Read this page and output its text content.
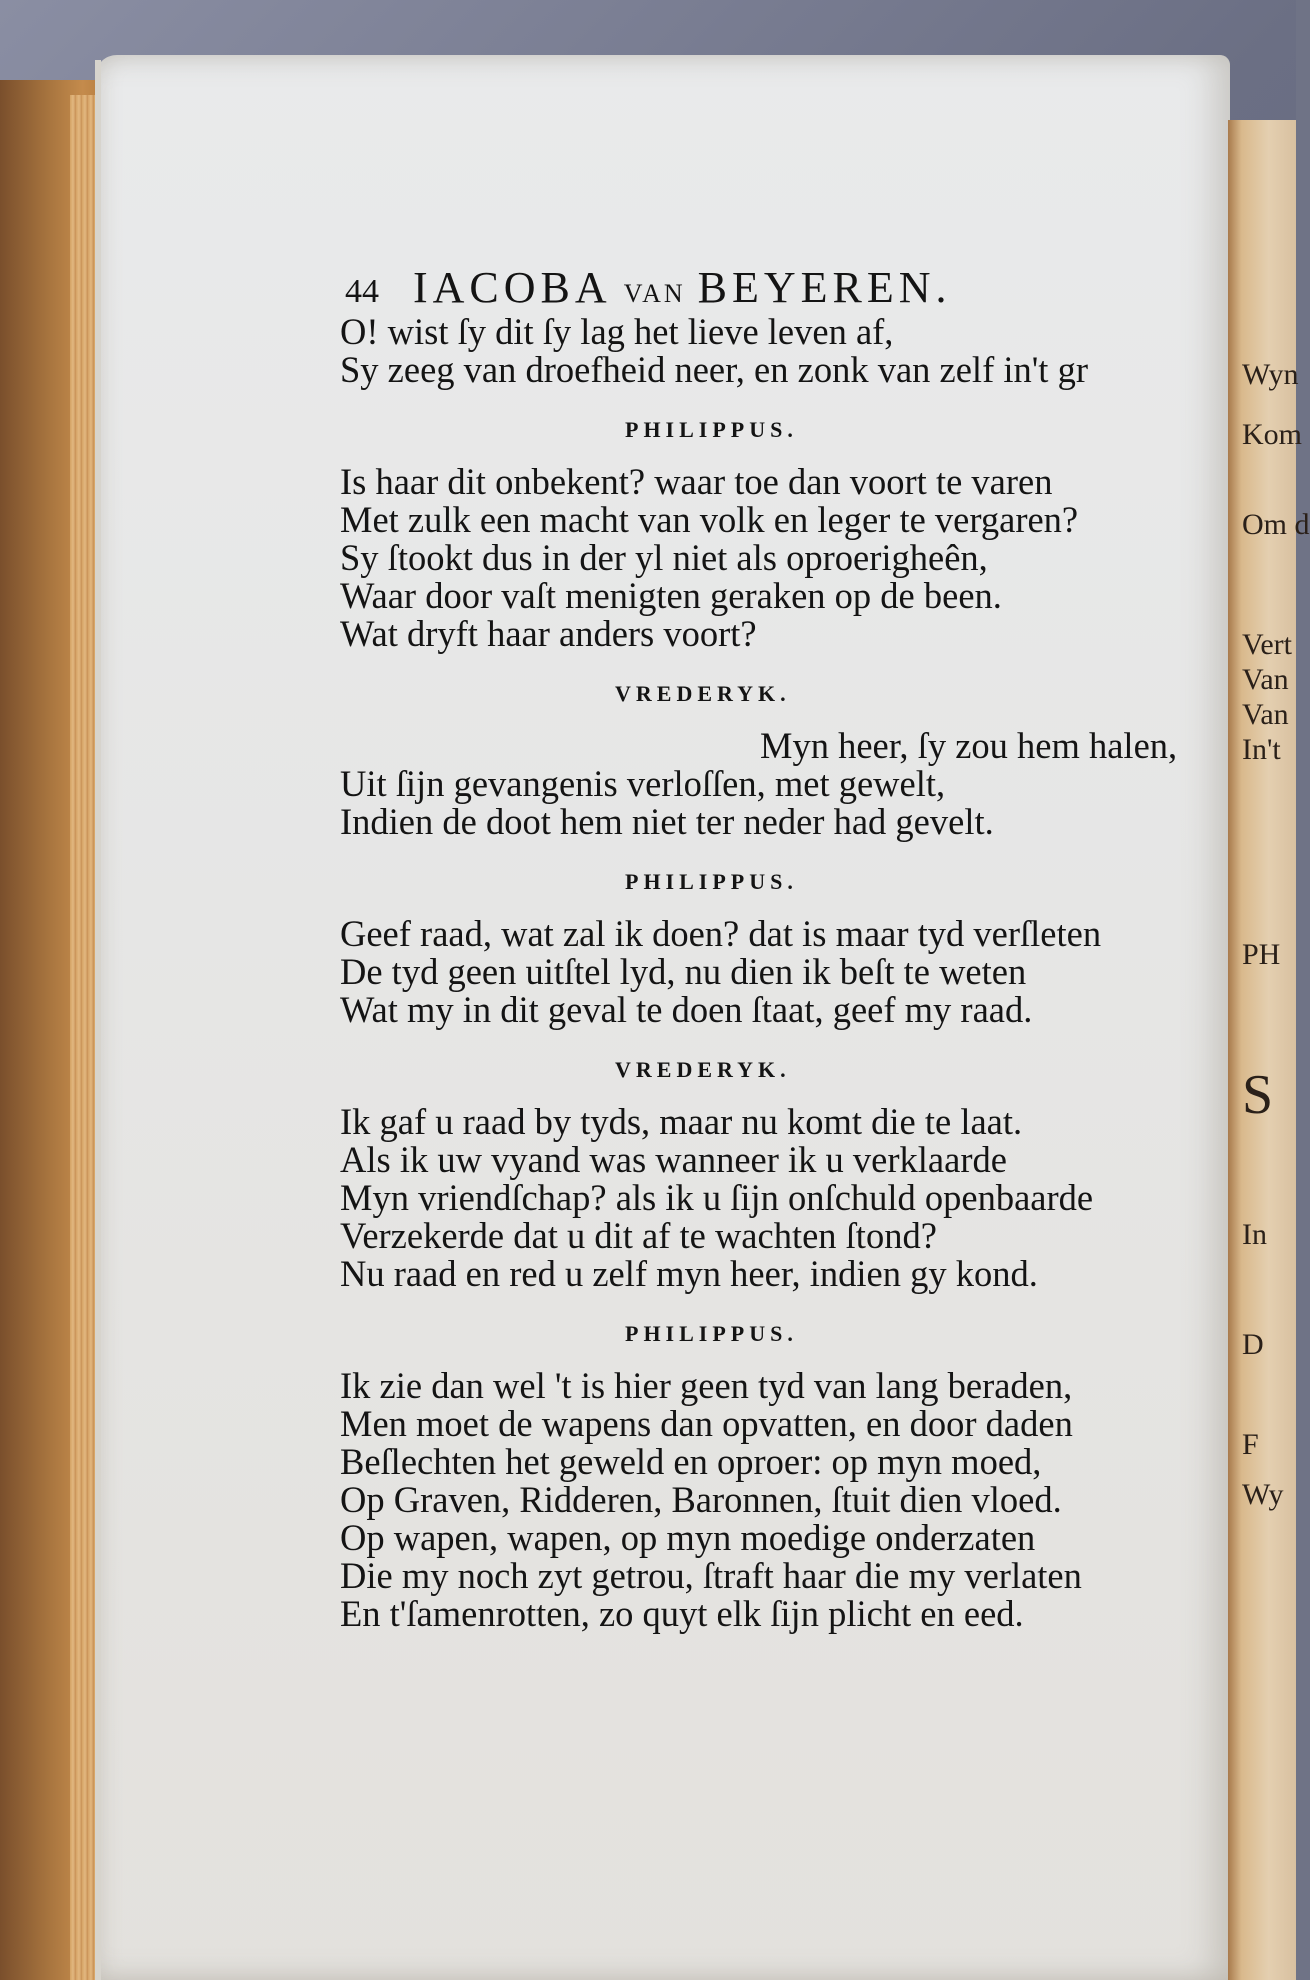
Wyn
Kom
Om d
Vert
Van
Van
In't
PH
S
In
D
F
Wy
44 IACOBA VAN BEYEREN.
O! wist ſy dit ſy lag het lieve leven af,
Sy zeeg van droefheid neer, en zonk van zelf in't gr
PHILIPPUS.
Is haar dit onbekent? waar toe dan voort te varen
Met zulk een macht van volk en leger te vergaren?
Sy ſtookt dus in der yl niet als oproerigheên,
Waar door vaſt menigten geraken op de been.
Wat dryft haar anders voort?
VREDERYK.
Myn heer, ſy zou hem halen,
Uit ſijn gevangenis verloſſen, met gewelt,
Indien de doot hem niet ter neder had gevelt.
PHILIPPUS.
Geef raad, wat zal ik doen? dat is maar tyd verſleten
De tyd geen uitſtel lyd, nu dien ik beſt te weten
Wat my in dit geval te doen ſtaat, geef my raad.
VREDERYK.
Ik gaf u raad by tyds, maar nu komt die te laat.
Als ik uw vyand was wanneer ik u verklaarde
Myn vriendſchap? als ik u ſijn onſchuld openbaarde
Verzekerde dat u dit af te wachten ſtond?
Nu raad en red u zelf myn heer, indien gy kond.
PHILIPPUS.
Ik zie dan wel 't is hier geen tyd van lang beraden,
Men moet de wapens dan opvatten, en door daden
Beſlechten het geweld en oproer: op myn moed,
Op Graven, Ridderen, Baronnen, ſtuit dien vloed.
Op wapen, wapen, op myn moedige onderzaten
Die my noch zyt getrou, ſtraft haar die my verlaten
En t'ſamenrotten, zo quyt elk ſijn plicht en eed.
